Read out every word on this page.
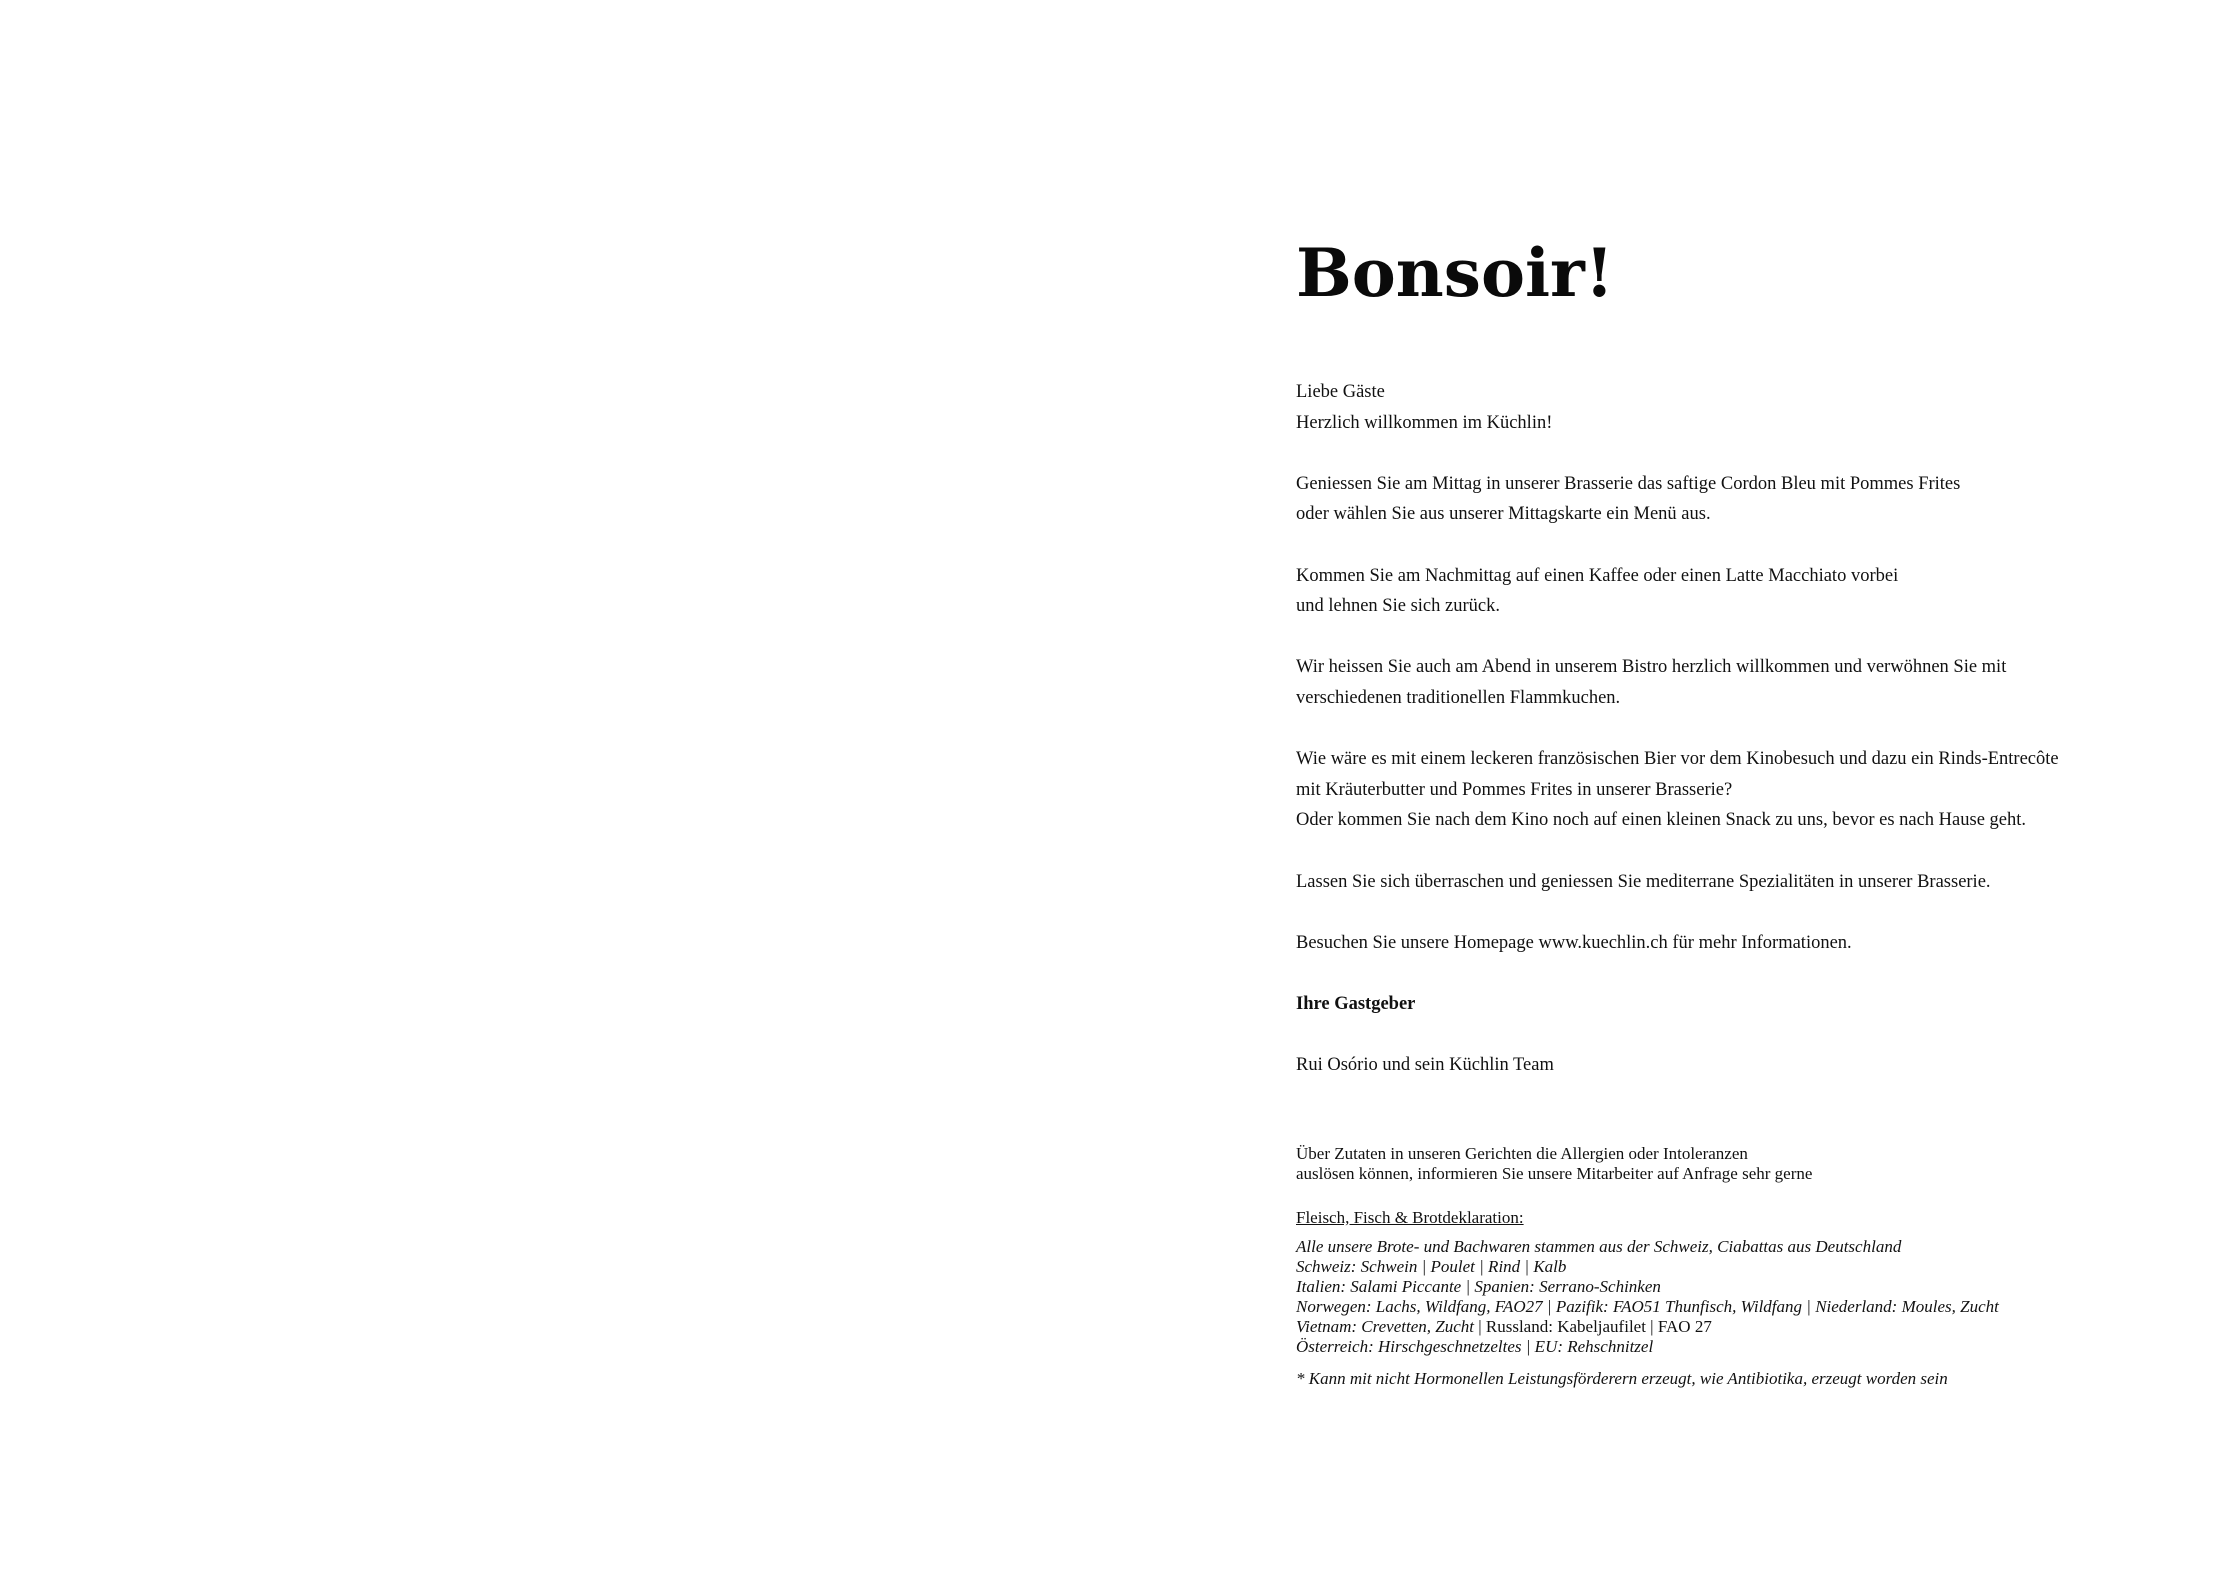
Bonsoir!
Liebe Gäste
Herzlich willkommen im Küchlin!
Geniessen Sie am Mittag in unserer Brasserie das saftige Cordon Bleu mit Pommes Frites
oder wählen Sie aus unserer Mittagskarte ein Menü aus.
Kommen Sie am Nachmittag auf einen Kaffee oder einen Latte Macchiato vorbei
und lehnen Sie sich zurück.
Wir heissen Sie auch am Abend in unserem Bistro herzlich willkommen und verwöhnen Sie mit
verschiedenen traditionellen Flammkuchen.
Wie wäre es mit einem leckeren französischen Bier vor dem Kinobesuch und dazu ein Rinds-Entrecôte
mit Kräuterbutter und Pommes Frites in unserer Brasserie?
Oder kommen Sie nach dem Kino noch auf einen kleinen Snack zu uns, bevor es nach Hause geht.
Lassen Sie sich überraschen und geniessen Sie mediterrane Spezialitäten in unserer Brasserie.
Besuchen Sie unsere Homepage www.kuechlin.ch für mehr Informationen.
Ihre Gastgeber
Rui Osório und sein Küchlin Team
Über Zutaten in unseren Gerichten die Allergien oder Intoleranzen
auslösen können, informieren Sie unsere Mitarbeiter auf Anfrage sehr gerne
Fleisch, Fisch & Brotdeklaration:
Alle unsere Brote- und Bachwaren stammen aus der Schweiz, Ciabattas aus Deutschland
Schweiz: Schwein | Poulet | Rind | Kalb
Italien: Salami Piccante | Spanien: Serrano-Schinken
Norwegen: Lachs, Wildfang, FAO27 | Pazifik: FAO51 Thunfisch, Wildfang | Niederland: Moules, Zucht
Vietnam: Crevetten, Zucht | Russland: Kabeljaufilet | FAO 27
Österreich: Hirschgeschnetzeltes | EU: Rehschnitzel
* Kann mit nicht Hormonellen Leistungsförderern erzeugt, wie Antibiotika, erzeugt worden sein
